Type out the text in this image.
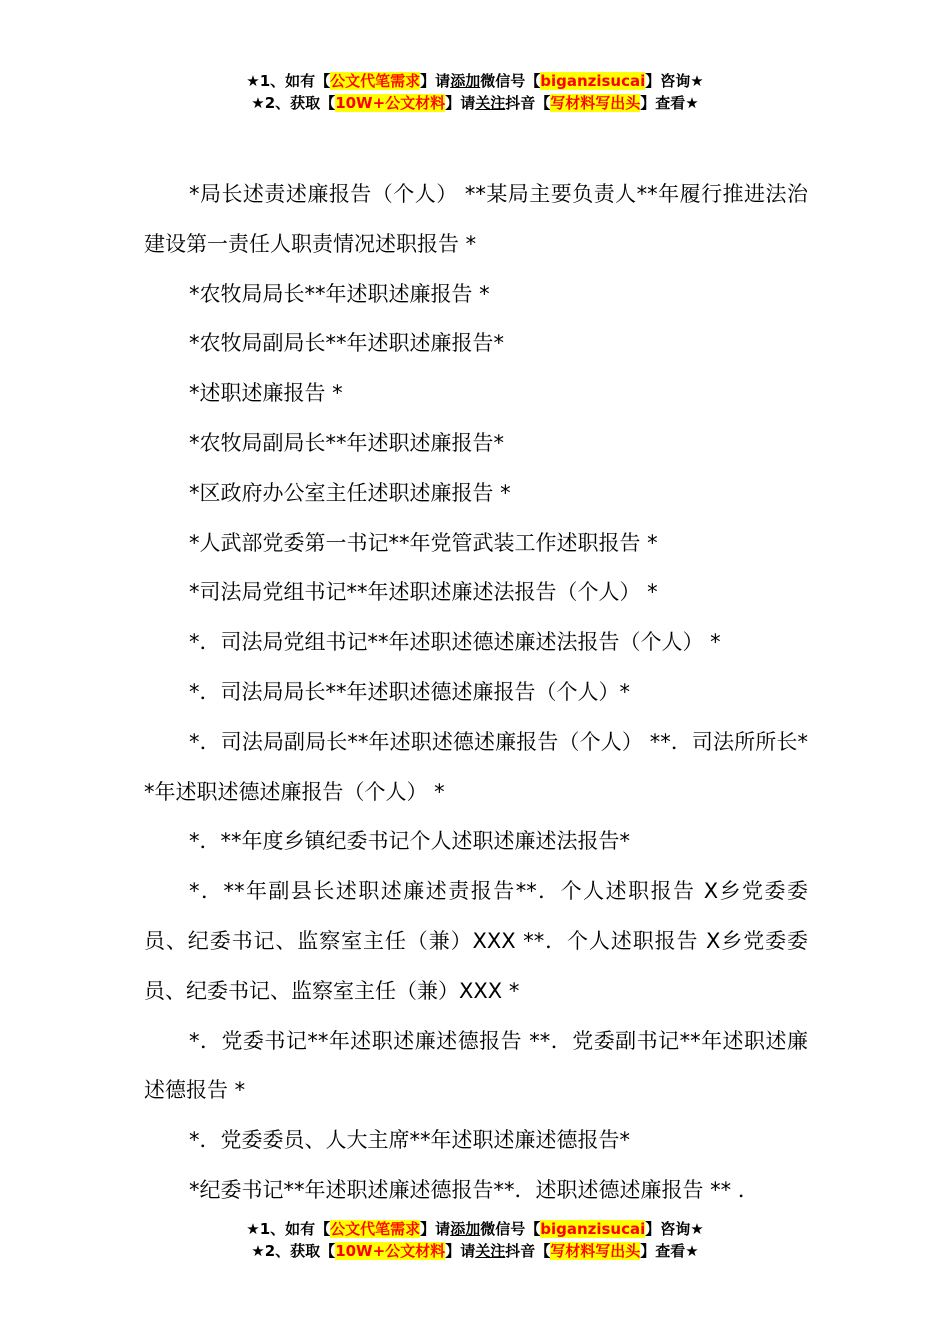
★1、如有【公文代笔需求】请添加微信号【biganzisucai】咨询★
★2、获取【10W+公文材料】请关注抖音【写材料写出头】查看★

*局长述责述廉报告（个人） **某局主要负责人**年履行推进法治建设第一责任人职责情况述职报告 *

*农牧局局长**年述职述廉报告 *

*农牧局副局长**年述职述廉报告*

*述职述廉报告 *

*农牧局副局长**年述职述廉报告*

*区政府办公室主任述职述廉报告 *

*人武部党委第一书记**年党管武装工作述职报告 *

*司法局党组书记**年述职述廉述法报告（个人） *

*．司法局党组书记**年述职述德述廉述法报告（个人） *

*．司法局局长**年述职述德述廉报告（个人）*

*．司法局副局长**年述职述德述廉报告（个人） **．司法所所长**年述职述德述廉报告（个人） *

*．**年度乡镇纪委书记个人述职述廉述法报告*

*．**年副县长述职述廉述责报告**．个人述职报告 X乡党委委员、纪委书记、监察室主任（兼）XXX **．个人述职报告 X乡党委委员、纪委书记、监察室主任（兼）XXX *

*．党委书记**年述职述廉述德报告 **．党委副书记**年述职述廉述德报告 *

*．党委委员、人大主席**年述职述廉述德报告*

*纪委书记**年述职述廉述德报告**．述职述德述廉报告 ** ．

★1、如有【公文代笔需求】请添加微信号【biganzisucai】咨询★
★2、获取【10W+公文材料】请关注抖音【写材料写出头】查看★
